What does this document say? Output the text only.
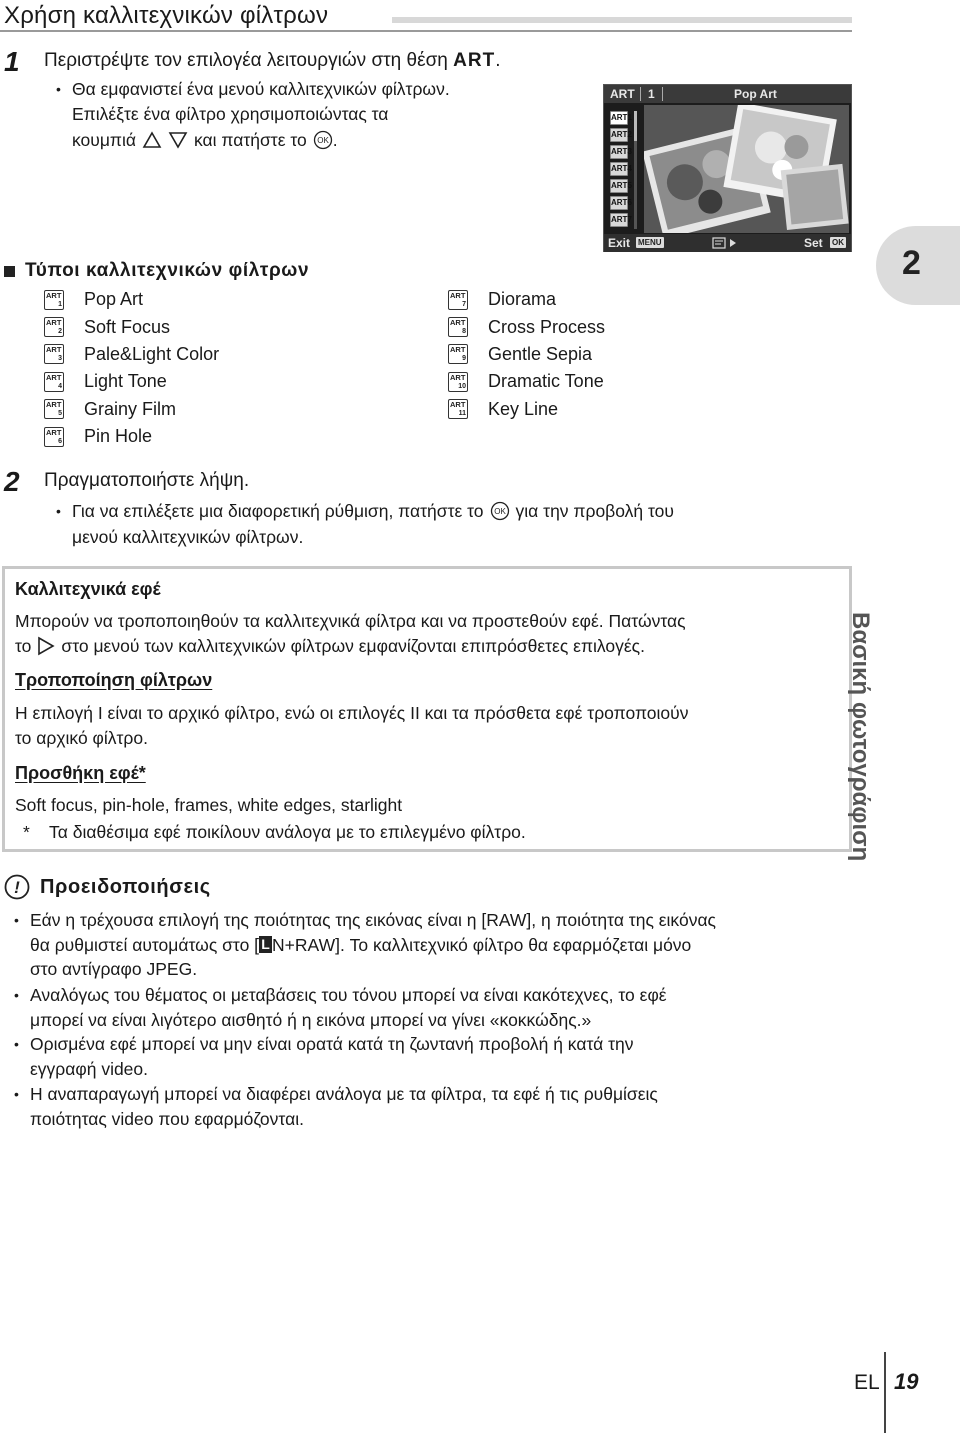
Χρήση καλλιτεχνικών φίλτρων
1 Περιστρέψτε τον επιλογέα λειτουργιών στη θέση ART.
• Θα εμφανιστεί ένα μενού καλλιτεχνικών φίλτρων.
Επιλέξτε ένα φίλτρο χρησιμοποιώντας τα
κουμπιά	και πατήστε το OK .
ART 1	Pop Art
ART1
ART2
ART3
ART4
ART5
ART6
ART7
Exit MENU	Set OK
Τύποι καλλιτεχνικών φίλτρων
ART
1 Pop Art
ART
2 Soft Focus
ART
3 Pale&Light Color
ART
4 Light Tone
ART
5 Grainy Film
ART
6 Pin Hole
ART
7 Diorama
ART
8 Cross Process
ART
9 Gentle Sepia
ART
10 Dramatic Tone
ART
11 Key Line
2 Πραγματοποιήστε λήψη.
• Για να επιλέξετε μια διαφορετική ρύθμιση, πατήστε το OK για την προβολή του
μενού καλλιτεχνικών φίλτρων.
Καλλιτεχνικά εφέ
Μπορούν να τροποποιηθούν τα καλλιτεχνικά φίλτρα και να προστεθούν εφέ. Πατώντας
το στο μενού των καλλιτεχνικών φίλτρων εμφανίζονται επιπρόσθετες επιλογές.
Τροποποίηση φίλτρων
Η επιλογή I είναι το αρχικό φίλτρο, ενώ οι επιλογές II και τα πρόσθετα εφέ τροποποιούν
το αρχικό φίλτρο.
Προσθήκη εφέ*
Soft focus, pin-hole, frames, white edges, starlight
* Τα διαθέσιμα εφέ ποικίλουν ανάλογα με το επιλεγμένο φίλτρο.
! Προειδοποιήσεις
• Εάν η τρέχουσα επιλογή της ποιότητας της εικόνας είναι η [RAW], η ποιότητα της εικόνας
θα ρυθμιστεί αυτομάτως στο [ L N+RAW]. Το καλλιτεχνικό φίλτρο θα εφαρμόζεται μόνο
στο αντίγραφο JPEG.
• Αναλόγως του θέματος οι μεταβάσεις του τόνου μπορεί να είναι κακότεχνες, το εφέ
μπορεί να είναι λιγότερο αισθητό ή η εικόνα μπορεί να γίνει «κοκκώδης.»
• Ορισμένα εφέ μπορεί να μην είναι ορατά κατά τη ζωντανή προβολή ή κατά την
εγγραφή video.
• Η αναπαραγωγή μπορεί να διαφέρει ανάλογα με τα φίλτρα, τα εφέ ή τις ρυθμίσεις
ποιότητας video που εφαρμόζονται.
2
Βασική φωτογράφιση
EL 19
